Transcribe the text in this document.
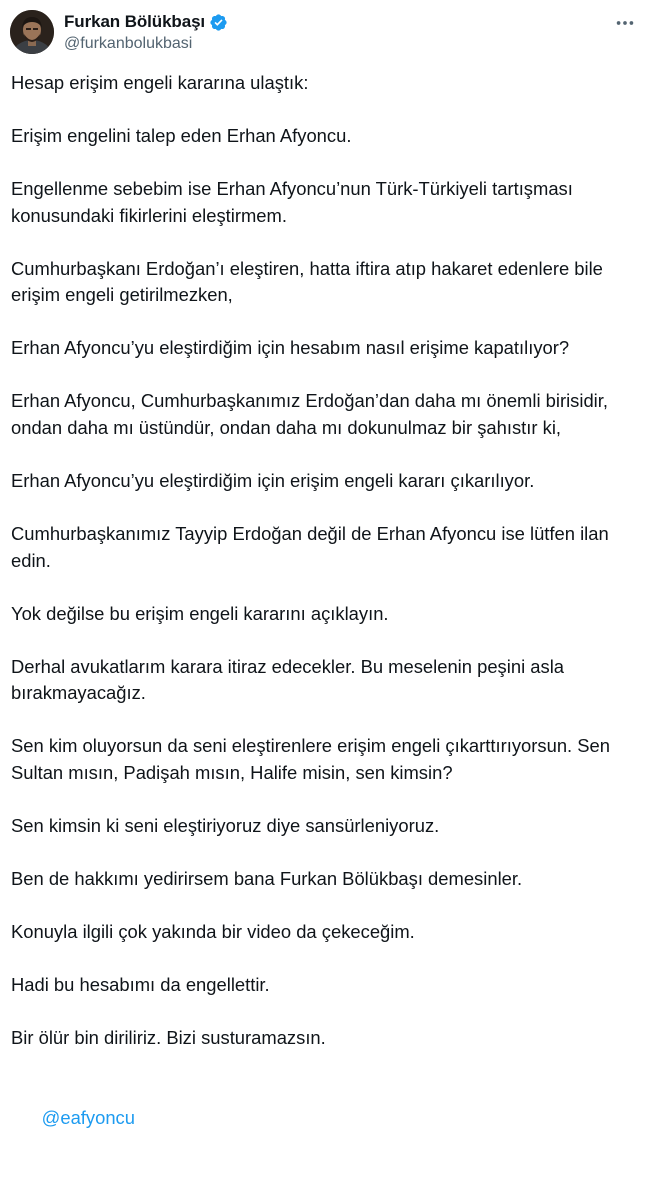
Furkan Bölükbaşı
@furkanbolukbasi

Hesap erişim engeli kararına ulaştık:

Erişim engelini talep eden Erhan Afyoncu.

Engellenme sebebim ise Erhan Afyoncu’nun Türk-Türkiyeli tartışması
konusundaki fikirlerini eleştirmem.

Cumhurbaşkanı Erdoğan’ı eleştiren, hatta iftira atıp hakaret edenlere bile
erişim engeli getirilmezken,

Erhan Afyoncu’yu eleştirdiğim için hesabım nasıl erişime kapatılıyor?

Erhan Afyoncu, Cumhurbaşkanımız Erdoğan’dan daha mı önemli birisidir,
ondan daha mı üstündür, ondan daha mı dokunulmaz bir şahıstır ki,

Erhan Afyoncu’yu eleştirdiğim için erişim engeli kararı çıkarılıyor.

Cumhurbaşkanımız Tayyip Erdoğan değil de Erhan Afyoncu ise lütfen ilan
edin.

Yok değilse bu erişim engeli kararını açıklayın.

Derhal avukatlarım karara itiraz edecekler. Bu meselenin peşini asla
bırakmayacağız.

Sen kim oluyorsun da seni eleştirenlere erişim engeli çıkarttırıyorsun. Sen
Sultan mısın, Padişah mısın, Halife misin, sen kimsin?

Sen kimsin ki seni eleştiriyoruz diye sansürleniyoruz.

Ben de hakkımı yedirirsem bana Furkan Bölükbaşı demesinler.

Konuyla ilgili çok yakında bir video da çekeceğim.

Hadi bu hesabımı da engellettir.

Bir ölür bin diriliriz. Bizi susturamazsın.

@eafyoncu
